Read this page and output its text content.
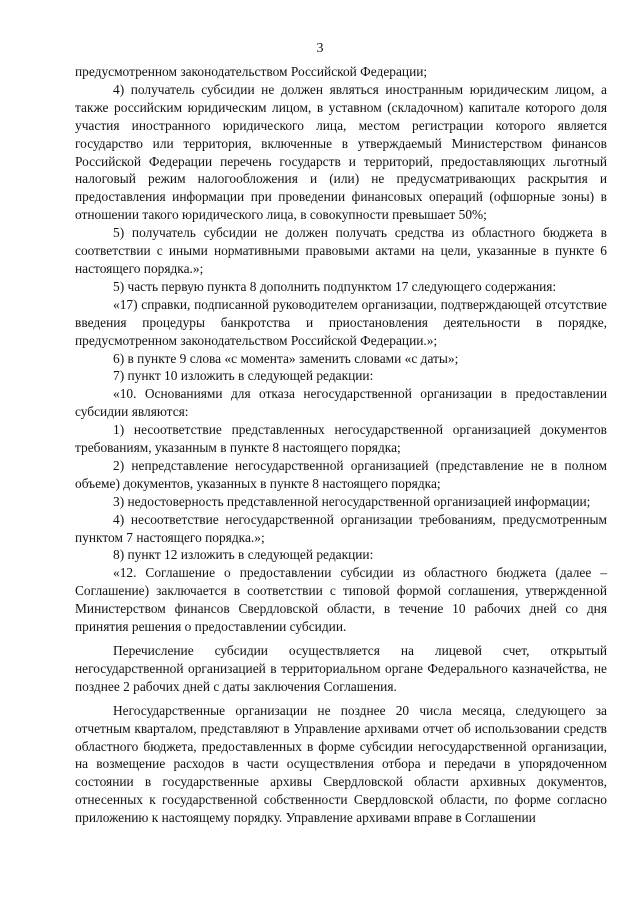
3

предусмотренном законодательством Российской Федерации;

4) получатель субсидии не должен являться иностранным юридическим лицом, а также российским юридическим лицом, в уставном (складочном) капитале которого доля участия иностранного юридического лица, местом регистрации которого является государство или территория, включенные в утверждаемый Министерством финансов Российской Федерации перечень государств и территорий, предоставляющих льготный налоговый режим налогообложения и (или) не предусматривающих раскрытия и предоставления информации при проведении финансовых операций (офшорные зоны) в отношении такого юридического лица, в совокупности превышает 50%;

5) получатель субсидии не должен получать средства из областного бюджета в соответствии с иными нормативными правовыми актами на цели, указанные в пункте 6 настоящего порядка.»;

5) часть первую пункта 8 дополнить подпунктом 17 следующего содержания:

«17) справки, подписанной руководителем организации, подтверждающей отсутствие введения процедуры банкротства и приостановления деятельности в порядке, предусмотренном законодательством Российской Федерации.»;

6) в пункте 9 слова «с момента» заменить словами «с даты»;

7) пункт 10 изложить в следующей редакции:

«10. Основаниями для отказа негосударственной организации в предоставлении субсидии являются:

1) несоответствие представленных негосударственной организацией документов требованиям, указанным в пункте 8 настоящего порядка;

2) непредставление негосударственной организацией (представление не в полном объеме) документов, указанных в пункте 8 настоящего порядка;

3) недостоверность представленной негосударственной организацией информации;

4) несоответствие негосударственной организации требованиям, предусмотренным пунктом 7 настоящего порядка.»;

8) пункт 12 изложить в следующей редакции:

«12. Соглашение о предоставлении субсидии из областного бюджета (далее – Соглашение) заключается в соответствии с типовой формой соглашения, утвержденной Министерством финансов Свердловской области, в течение 10 рабочих дней со дня принятия решения о предоставлении субсидии.

Перечисление субсидии осуществляется на лицевой счет, открытый негосударственной организацией в территориальном органе Федерального казначейства, не позднее 2 рабочих дней с даты заключения Соглашения.

Негосударственные организации не позднее 20 числа месяца, следующего за отчетным кварталом, представляют в Управление архивами отчет об использовании средств областного бюджета, предоставленных в форме субсидии негосударственной организации, на возмещение расходов в части осуществления отбора и передачи в упорядоченном состоянии в государственные архивы Свердловской области архивных документов, отнесенных к государственной собственности Свердловской области, по форме согласно приложению к настоящему порядку. Управление архивами вправе в Соглашении
